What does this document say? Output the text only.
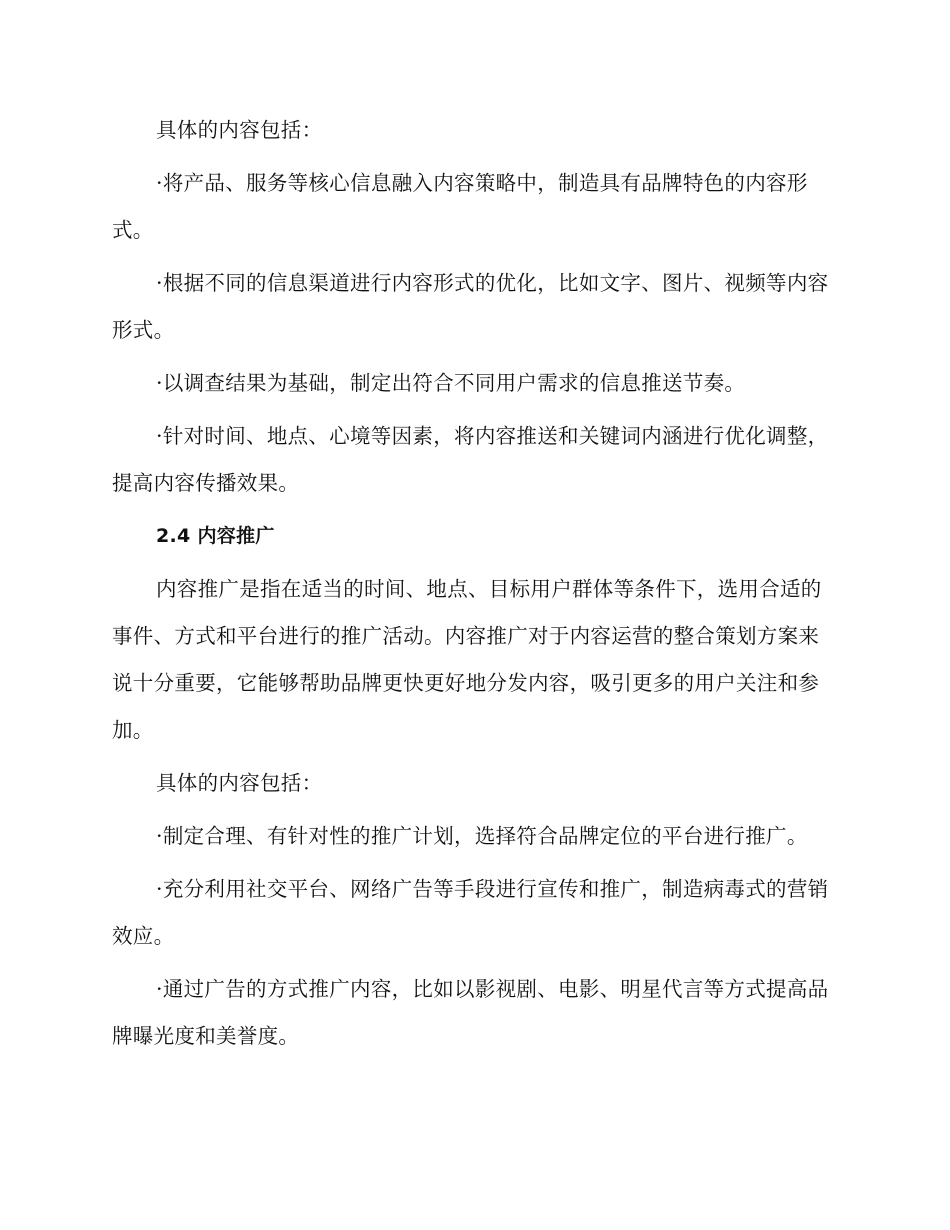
具体的内容包括：

·将产品、服务等核心信息融入内容策略中，制造具有品牌特色的内容形式。

·根据不同的信息渠道进行内容形式的优化，比如文字、图片、视频等内容形式。

·以调查结果为基础，制定出符合不同用户需求的信息推送节奏。

·针对时间、地点、心境等因素，将内容推送和关键词内涵进行优化调整，提高内容传播效果。

2.4 内容推广

内容推广是指在适当的时间、地点、目标用户群体等条件下，选用合适的事件、方式和平台进行的推广活动。内容推广对于内容运营的整合策划方案来说十分重要，它能够帮助品牌更快更好地分发内容，吸引更多的用户关注和参加。

具体的内容包括：

·制定合理、有针对性的推广计划，选择符合品牌定位的平台进行推广。

·充分利用社交平台、网络广告等手段进行宣传和推广，制造病毒式的营销效应。

·通过广告的方式推广内容，比如以影视剧、电影、明星代言等方式提高品牌曝光度和美誉度。
